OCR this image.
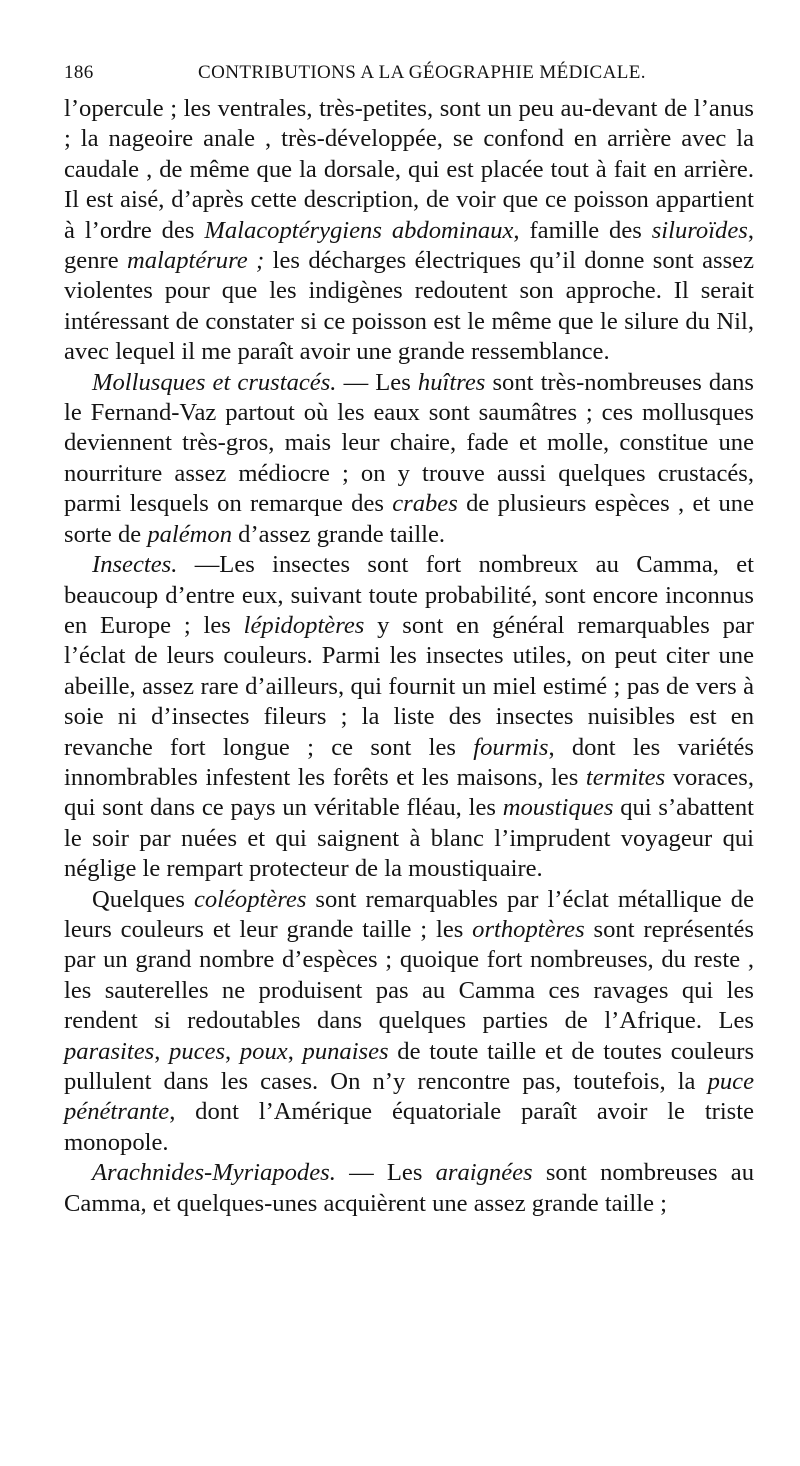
186	CONTRIBUTIONS A LA GÉOGRAPHIE MÉDICALE.

l’opercule ; les ventrales, très-petites, sont un peu au-devant de l’anus ; la nageoire anale , très-développée, se confond en arrière avec la caudale , de même que la dorsale, qui est placée tout à fait en arrière. Il est aisé, d’après cette description, de voir que ce poisson appartient à l’ordre des Malacoptérygiens abdominaux, famille des siluroïdes, genre malaptérure ; les décharges électriques qu’il donne sont assez violentes pour que les indigènes redoutent son approche. Il serait intéressant de constater si ce poisson est le même que le silure du Nil, avec lequel il me paraît avoir une grande ressemblance.

Mollusques et crustacés. — Les huîtres sont très-nombreuses dans le Fernand-Vaz partout où les eaux sont saumâtres ; ces mollusques deviennent très-gros, mais leur chaire, fade et molle, constitue une nourriture assez médiocre ; on y trouve aussi quelques crustacés, parmi lesquels on remarque des crabes de plusieurs espèces , et une sorte de palémon d’assez grande taille.

Insectes. —Les insectes sont fort nombreux au Camma, et beaucoup d’entre eux, suivant toute probabilité, sont encore inconnus en Europe ; les lépidoptères y sont en général remarquables par l’éclat de leurs couleurs. Parmi les insectes utiles, on peut citer une abeille, assez rare d’ailleurs, qui fournit un miel estimé ; pas de vers à soie ni d’insectes fileurs ; la liste des insectes nuisibles est en revanche fort longue ; ce sont les fourmis, dont les variétés innombrables infestent les forêts et les maisons, les termites voraces, qui sont dans ce pays un véritable fléau, les moustiques qui s’abattent le soir par nuées et qui saignent à blanc l’imprudent voyageur qui néglige le rempart protecteur de la moustiquaire.

Quelques coléoptères sont remarquables par l’éclat métallique de leurs couleurs et leur grande taille ; les orthoptères sont représentés par un grand nombre d’espèces ; quoique fort nombreuses, du reste , les sauterelles ne produisent pas au Camma ces ravages qui les rendent si redoutables dans quelques parties de l’Afrique. Les parasites, puces, poux, punaises de toute taille et de toutes couleurs pullulent dans les cases. On n’y rencontre pas, toutefois, la puce pénétrante, dont l’Amérique équatoriale paraît avoir le triste monopole.

Arachnides-Myriapodes. — Les araignées sont nombreuses au Camma, et quelques-unes acquièrent une assez grande taille ;
